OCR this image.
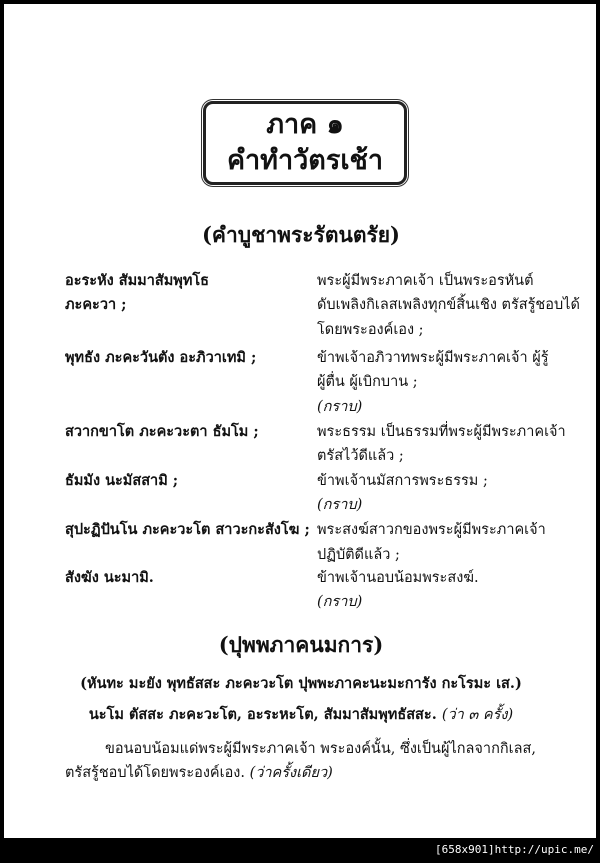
ภาค ๑
คำทำวัตรเช้า
(คำบูชาพระรัตนตรัย)
อะระหัง สัมมาสัมพุทโธ	พระผู้มีพระภาคเจ้า เป็นพระอรหันต์
ภะคะวา ;	ดับเพลิงกิเลสเพลิงทุกข์สิ้นเชิง ตรัสรู้ชอบได้
โดยพระองค์เอง ;
พุทธัง ภะคะวันตัง อะภิวาเทมิ ;	ข้าพเจ้าอภิวาทพระผู้มีพระภาคเจ้า ผู้รู้
ผู้ตื่น ผู้เบิกบาน ;
(กราบ)
สวากขาโต ภะคะวะตา ธัมโม ;	พระธรรม เป็นธรรมที่พระผู้มีพระภาคเจ้า
ตรัสไว้ดีแล้ว ;
ธัมมัง นะมัสสามิ ;	ข้าพเจ้านมัสการพระธรรม ;
(กราบ)
สุปะฏิปันโน ภะคะวะโต สาวะกะสังโฆ ; พระสงฆ์สาวกของพระผู้มีพระภาคเจ้า
ปฏิบัติดีแล้ว ;
สังฆัง นะมามิ.	ข้าพเจ้านอบน้อมพระสงฆ์.
(กราบ)
(ปุพพภาคนมการ)
(หันทะ มะยัง พุทธัสสะ ภะคะวะโต ปุพพะภาคะนะมะการัง กะโรมะ เส.)
นะโม ตัสสะ ภะคะวะโต, อะระหะโต, สัมมาสัมพุทธัสสะ. (ว่า ๓ ครั้ง)
ขอนอบน้อมแด่พระผู้มีพระภาคเจ้า พระองค์นั้น, ซึ่งเป็นผู้ไกลจากกิเลส,
ตรัสรู้ชอบได้โดยพระองค์เอง. (ว่าครั้งเดียว)
[658x901]http://upic.me/
